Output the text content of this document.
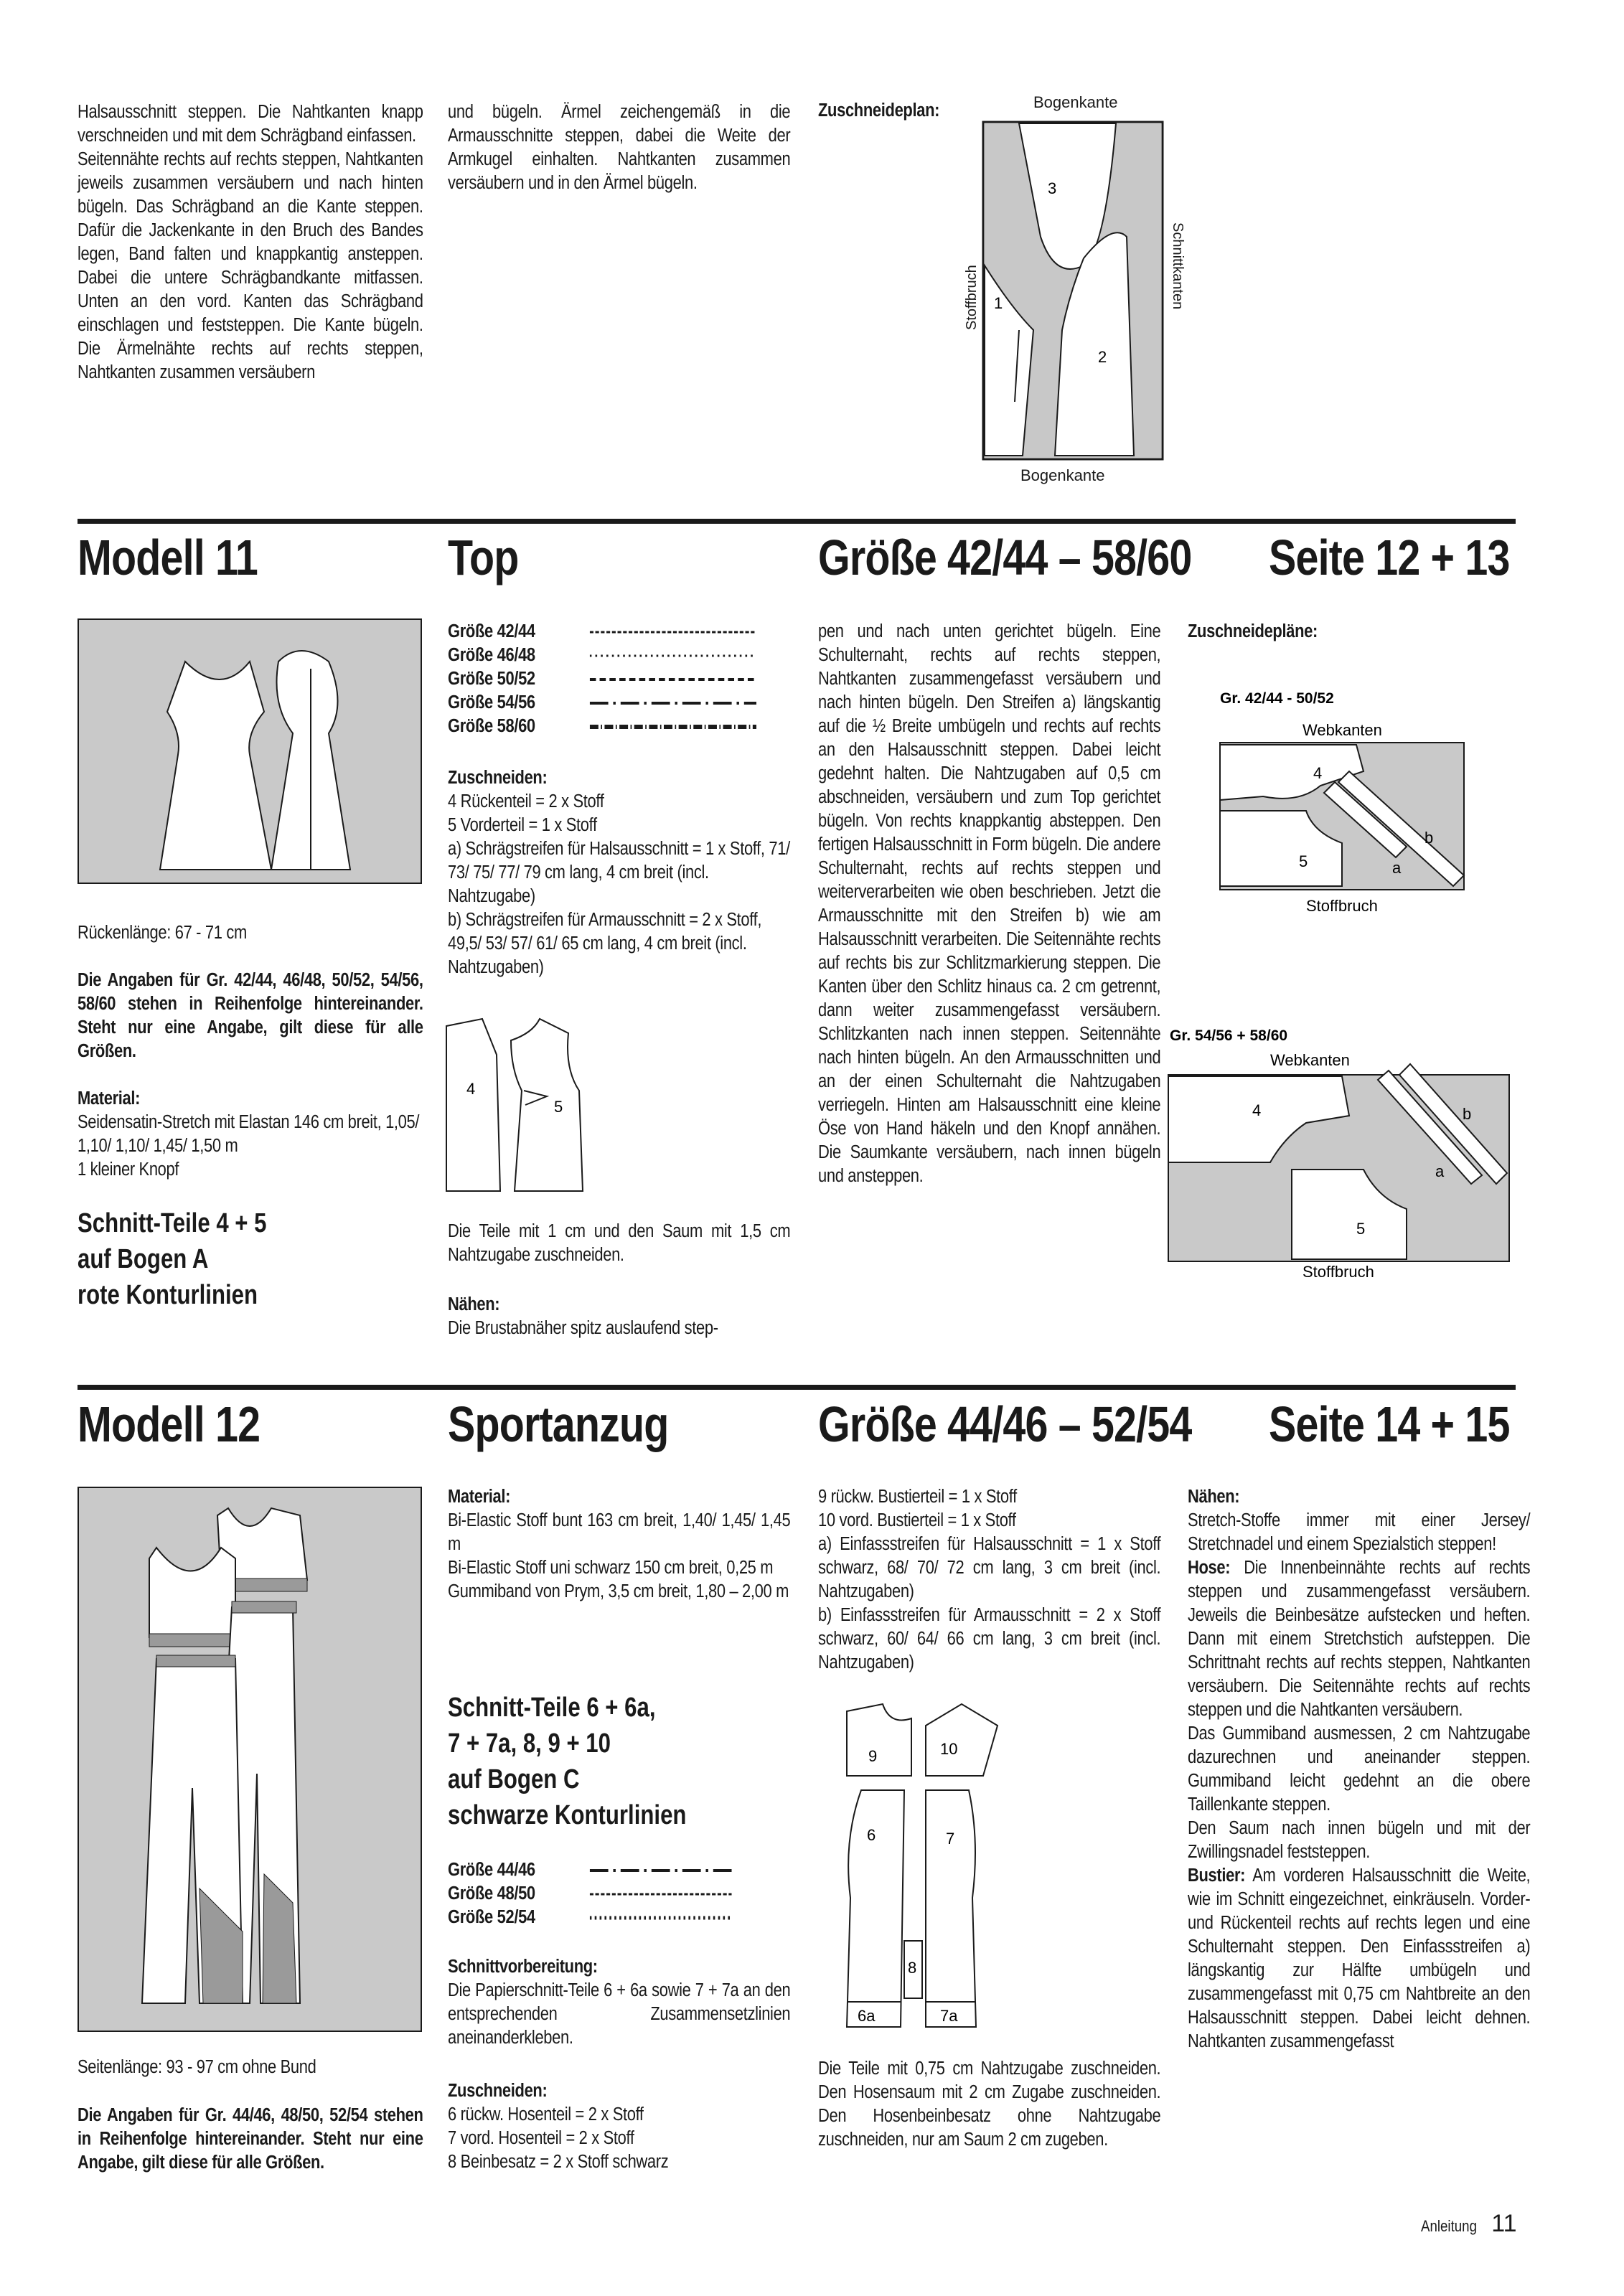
Halsausschnitt steppen. Die Nahtkanten knapp verschneiden und mit dem Schrägband einfassen.

Seitennähte rechts auf rechts steppen, Nahtkanten jeweils zusammen versäubern und nach hinten bügeln. Das Schrägband an die Kante steppen. Dafür die Jackenkante in den Bruch des Bandes legen, Band falten und knappkantig ansteppen. Dabei die untere Schrägbandkante mitfassen. Unten an den vord. Kanten das Schrägband einschlagen und feststeppen. Die Kante bügeln. Die Ärmelnähte rechts auf rechts steppen, Nahtkanten zusammen versäubern

und bügeln. Ärmel zeichengemäß in die Armausschnitte steppen, dabei die Weite der Armkugel einhalten. Nahtkanten zusammen versäubern und in den Ärmel bügeln.

Zuschneideplan:	Bogenkante
Bogenkante
Stoffbruch	Schnittkanten
1
2
3
Modell 11	Top	Größe 42/44 – 58/60 Seite 12 + 13

Rückenlänge: 67 - 71 cm

Die Angaben für Gr. 42/44, 46/48, 50/52, 54/56, 58/60 stehen in Reihenfolge hintereinander. Steht nur eine Angabe, gilt diese für alle Größen.

Material:

Seidensatin-Stretch mit Elastan 146 cm breit, 1,05/ 1,10/ 1,10/ 1,45/ 1,50 m

1 kleiner Knopf

Schnitt-Teile 4 + 5
auf Bogen A
rote Konturlinien
Größe 42/44
Größe 46/48
Größe 50/52
Größe 54/56
Größe 58/60

Zuschneiden:

4 Rückenteil = 2 x Stoff

5 Vorderteil = 1 x Stoff

a) Schrägstreifen für Halsausschnitt = 1 x Stoff, 71/ 73/ 75/ 77/ 79 cm lang, 4 cm breit (incl. Nahtzugabe)

b) Schrägstreifen für Armausschnitt = 2 x Stoff, 49,5/ 53/ 57/ 61/ 65 cm lang, 4 cm breit (incl. Nahtzugaben)

4
5

Die Teile mit 1 cm und den Saum mit 1,5 cm Nahtzugabe zuschneiden.

Nähen:

Die Brustabnäher spitz auslaufend step-

pen und nach unten gerichtet bügeln. Eine Schulternaht, rechts auf rechts steppen, Nahtkanten zusammengefasst versäubern und nach hinten bügeln. Den Streifen a) längskantig auf die ½ Breite umbügeln und rechts auf rechts an den Halsausschnitt steppen. Dabei leicht gedehnt halten. Die Nahtzugaben auf 0,5 cm abschneiden, versäubern und zum Top gerichtet bügeln. Von rechts knappkantig absteppen. Den fertigen Halsausschnitt in Form bügeln. Die andere Schulternaht, rechts auf rechts steppen und weiterverarbeiten wie oben beschrieben. Jetzt die Armausschnitte mit den Streifen b) wie am Halsausschnitt verarbeiten. Die Seitennähte rechts auf rechts bis zur Schlitzmarkierung steppen. Die Kanten über den Schlitz hinaus ca. 2 cm getrennt, dann weiter zusammengefasst versäubern. Schlitzkanten nach innen steppen. Seitennähte nach hinten bügeln. An den Armausschnitten und an der einen Schulternaht die Nahtzugaben verriegeln. Hinten am Halsausschnitt eine kleine Öse von Hand häkeln und den Knopf annähen. Die Saumkante versäubern, nach innen bügeln und ansteppen.

Zuschneidepläne:

Gr. 42/44 - 50/52
Webkanten
4
5	a
b
Stoffbruch
Gr. 54/56 + 58/60
Webkanten
4
5
a
b
Stoffbruch
Modell 12	Sportanzug	Größe 44/46 – 52/54 Seite 14 + 15

Seitenlänge: 93 - 97 cm ohne Bund

Die Angaben für Gr. 44/46, 48/50, 52/54 stehen in Reihenfolge hintereinander. Steht nur eine Angabe, gilt diese für alle Größen.

Material:

Bi-Elastic Stoff bunt 163 cm breit, 1,40/ 1,45/ 1,45 m

Bi-Elastic Stoff uni schwarz 150 cm breit, 0,25 m

Gummiband von Prym, 3,5 cm breit, 1,80 – 2,00 m

Schnitt-Teile 6 + 6a,
7 + 7a, 8, 9 + 10
auf Bogen C
schwarze Konturlinien
Größe 44/46
Größe 48/50
Größe 52/54

Schnittvorbereitung:

Die Papierschnitt-Teile 6 + 6a sowie 7 + 7a an den entsprechenden Zusammensetzlinien aneinanderkleben.

Zuschneiden:

6 rückw. Hosenteil = 2 x Stoff

7 vord. Hosenteil = 2 x Stoff

8 Beinbesatz = 2 x Stoff schwarz

9 rückw. Bustierteil = 1 x Stoff

10 vord. Bustierteil = 1 x Stoff

a) Einfassstreifen für Halsausschnitt = 1 x Stoff schwarz, 68/ 70/ 72 cm lang, 3 cm breit (incl. Nahtzugaben)

b) Einfassstreifen für Armausschnitt = 2 x Stoff schwarz, 60/ 64/ 66 cm lang, 3 cm breit (incl. Nahtzugaben)

9	10
6	7
8
6a	7a

Die Teile mit 0,75 cm Nahtzugabe zuschneiden. Den Hosensaum mit 2 cm Zugabe zuschneiden. Den Hosenbeinbesatz ohne Nahtzugabe zuschneiden, nur am Saum 2 cm zugeben.

Nähen:

Stretch-Stoffe immer mit einer Jersey/ Stretchnadel und einem Spezialstich steppen!

Hose: Die Innenbeinnähte rechts auf rechts steppen und zusammengefasst versäubern. Jeweils die Beinbesätze aufstecken und heften. Dann mit einem Stretchstich aufsteppen. Die Schrittnaht rechts auf rechts steppen, Nahtkanten versäubern. Die Seitennähte rechts auf rechts steppen und die Nahtkanten versäubern.

Das Gummiband ausmessen, 2 cm Nahtzugabe dazurechnen und aneinander steppen. Gummiband leicht gedehnt an die obere Taillenkante steppen.

Den Saum nach innen bügeln und mit der Zwillingsnadel feststeppen.

Bustier: Am vorderen Halsausschnitt die Weite, wie im Schnitt eingezeichnet, einkräuseln. Vorder- und Rückenteil rechts auf rechts legen und eine Schulternaht steppen. Den Einfassstreifen a) längskantig zur Hälfte umbügeln und zusammengefasst mit 0,75 cm Nahtbreite an den Halsausschnitt steppen. Dabei leicht dehnen. Nahtkanten zusammengefasst

Anleitung 11
